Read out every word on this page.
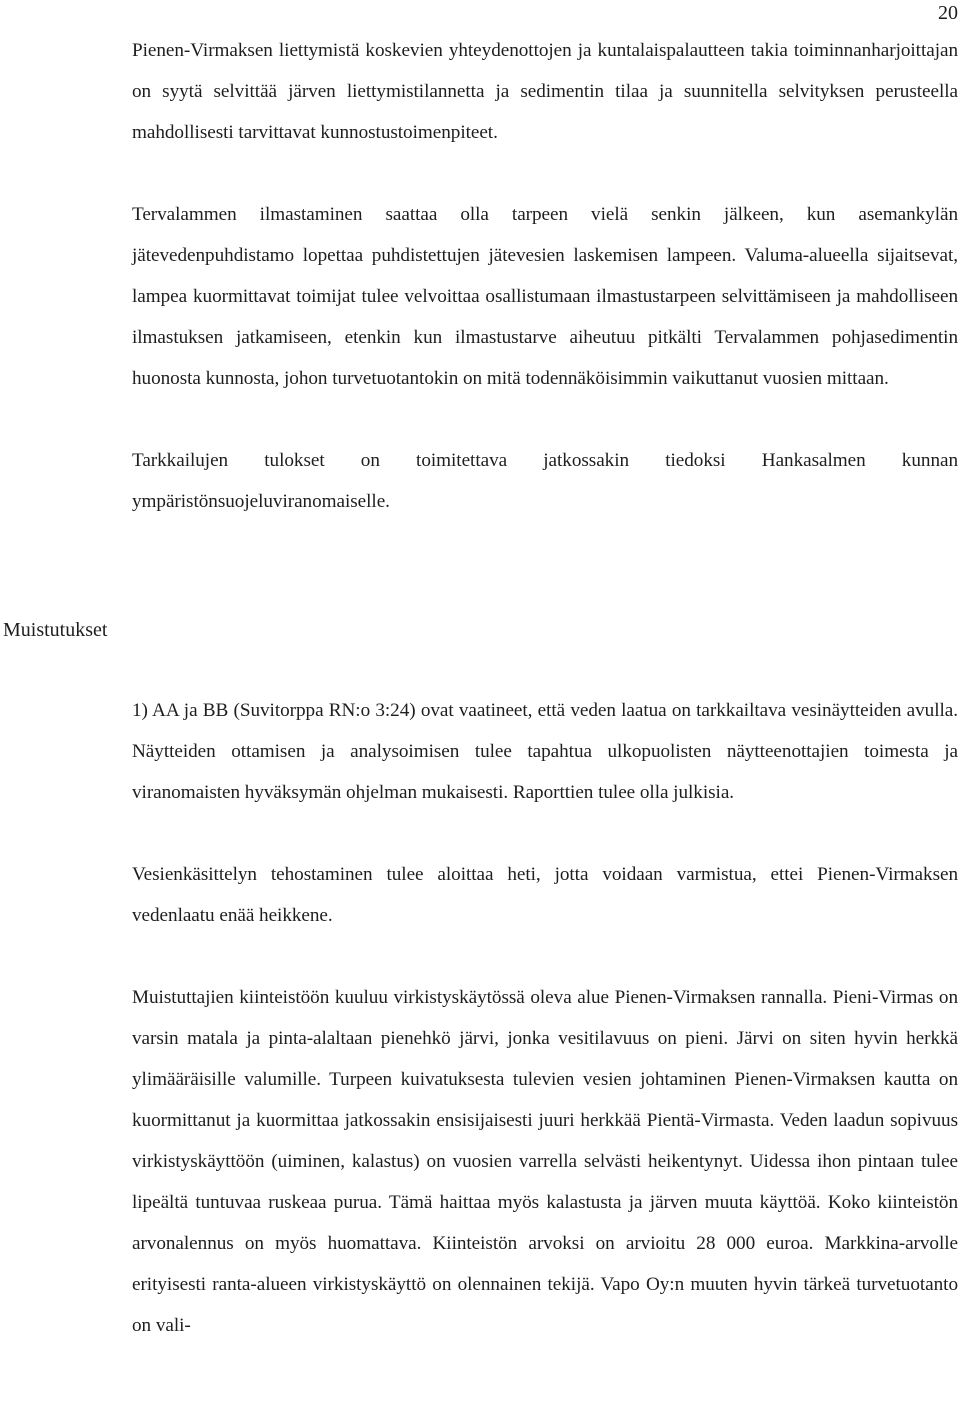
20

Pienen-Virmaksen liettymistä koskevien yhteydenottojen ja kuntalaispalautteen takia toiminnanharjoittajan on syytä selvittää järven liettymistilannetta ja sedimentin tilaa ja suunnitella selvityksen perusteella mahdollisesti tarvittavat kunnostustoimenpiteet.

Tervalammen ilmastaminen saattaa olla tarpeen vielä senkin jälkeen, kun asemankylän jätevedenpuhdistamo lopettaa puhdistettujen jätevesien laskemisen lampeen. Valuma-alueella sijaitsevat, lampea kuormittavat toimijat tulee velvoittaa osallistumaan ilmastustarpeen selvittämiseen ja mahdolliseen ilmastuksen jatkamiseen, etenkin kun ilmastustarve aiheutuu pitkälti Tervalammen pohjasedimentin huonosta kunnosta, johon turvetuotantokin on mitä todennäköisimmin vaikuttanut vuosien mittaan.

Tarkkailujen tulokset on toimitettava jatkossakin tiedoksi Hankasalmen kunnan ympäristönsuojeluviranomaiselle.

Muistutukset

1) AA ja BB (Suvitorppa RN:o 3:24) ovat vaatineet, että veden laatua on tarkkailtava vesinäytteiden avulla. Näytteiden ottamisen ja analysoimisen tulee tapahtua ulkopuolisten näytteenottajien toimesta ja viranomaisten hyväksymän ohjelman mukaisesti. Raporttien tulee olla julkisia.

Vesienkäsittelyn tehostaminen tulee aloittaa heti, jotta voidaan varmistua, ettei Pienen-Virmaksen vedenlaatu enää heikkene.

Muistuttajien kiinteistöön kuuluu virkistyskäytössä oleva alue Pienen-Virmaksen rannalla. Pieni-Virmas on varsin matala ja pinta-alaltaan pienehkö järvi, jonka vesitilavuus on pieni. Järvi on siten hyvin herkkä ylimääräisille valumille. Turpeen kuivatuksesta tulevien vesien johtaminen Pienen-Virmaksen kautta on kuormittanut ja kuormittaa jatkossakin ensisijaisesti juuri herkkää Pientä-Virmasta. Veden laadun sopivuus virkistyskäyttöön (uiminen, kalastus) on vuosien varrella selvästi heikentynyt. Uidessa ihon pintaan tulee lipeältä tuntuvaa ruskeaa purua. Tämä haittaa myös kalastusta ja järven muuta käyttöä. Koko kiinteistön arvonalennus on myös huomattava. Kiinteistön arvoksi on arvioitu 28 000 euroa. Markkina-arvolle erityisesti ranta-alueen virkistyskäyttö on olennainen tekijä. Vapo Oy:n muuten hyvin tärkeä turvetuotanto on vali-
